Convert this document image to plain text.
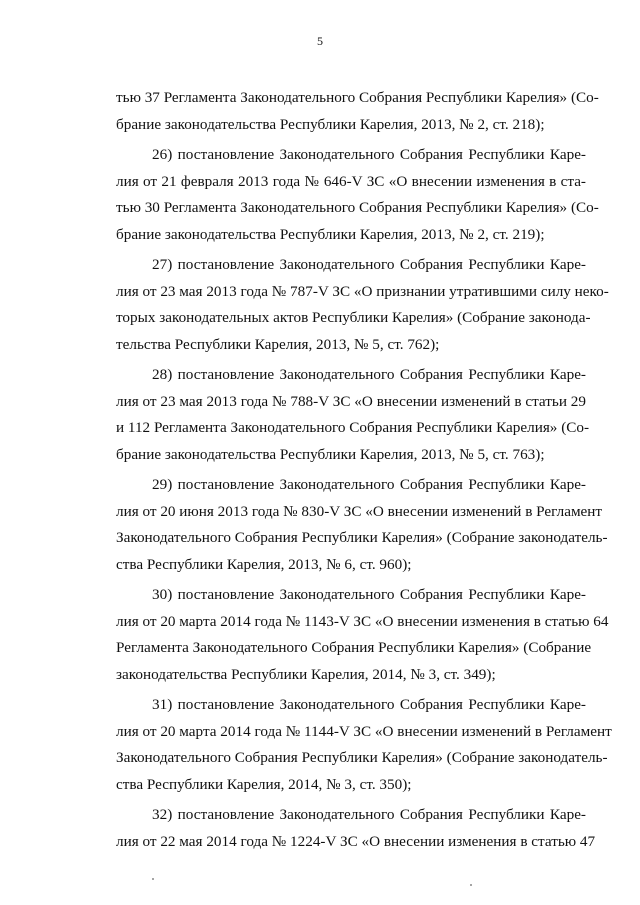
5
тью 37 Регламента Законодательного Собрания Республики Карелия» (Со-
брание законодательства Республики Карелия, 2013, № 2, ст. 218);
26) постановление Законодательного Собрания Республики Каре-
лия от 21 февраля 2013 года № 646-V ЗС «О внесении изменения в ста-
тью 30 Регламента Законодательного Собрания Республики Карелия» (Со-
брание законодательства Республики Карелия, 2013, № 2, ст. 219);
27) постановление Законодательного Собрания Республики Каре-
лия от 23 мая 2013 года № 787-V ЗС «О признании утратившими силу неко-
торых законодательных актов Республики Карелия» (Собрание законода-
тельства Республики Карелия, 2013, № 5, ст. 762);
28) постановление Законодательного Собрания Республики Каре-
лия от 23 мая 2013 года № 788-V ЗС «О внесении изменений в статьи 29
и 112 Регламента Законодательного Собрания Республики Карелия» (Со-
брание законодательства Республики Карелия, 2013, № 5, ст. 763);
29) постановление Законодательного Собрания Республики Каре-
лия от 20 июня 2013 года № 830-V ЗС «О внесении изменений в Регламент
Законодательного Собрания Республики Карелия» (Собрание законодатель-
ства Республики Карелия, 2013, № 6, ст. 960);
30) постановление Законодательного Собрания Республики Каре-
лия от 20 марта 2014 года № 1143-V ЗС «О внесении изменения в статью 64
Регламента Законодательного Собрания Республики Карелия» (Собрание
законодательства Республики Карелия, 2014, № 3, ст. 349);
31) постановление Законодательного Собрания Республики Каре-
лия от 20 марта 2014 года № 1144-V ЗС «О внесении изменений в Регламент
Законодательного Собрания Республики Карелия» (Собрание законодатель-
ства Республики Карелия, 2014, № 3, ст. 350);
32) постановление Законодательного Собрания Республики Каре-
лия от 22 мая 2014 года № 1224-V ЗС «О внесении изменения в статью 47
